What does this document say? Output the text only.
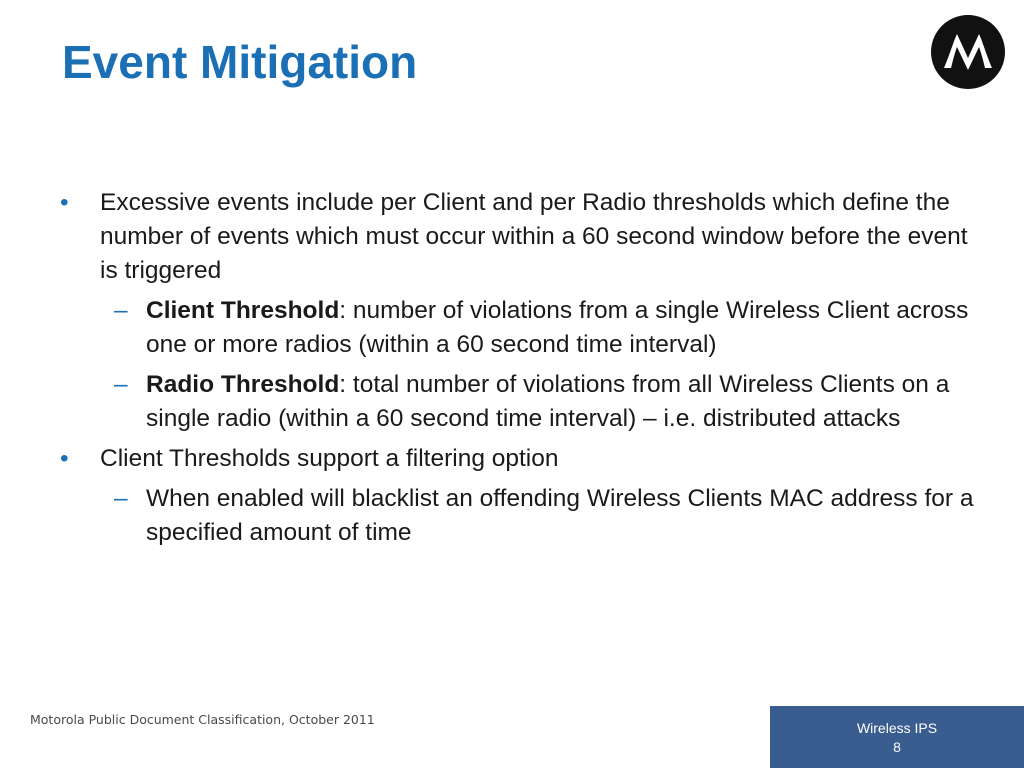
Event Mitigation
• Excessive events include per Client and per Radio thresholds which define the number of events which must occur within a 60 second window before the event is triggered
– Client Threshold: number of violations from a single Wireless Client across one or more radios (within a 60 second time interval)
– Radio Threshold: total number of violations from all Wireless Clients on a single radio (within a 60 second time interval) – i.e. distributed attacks
• Client Thresholds support a filtering option
– When enabled will blacklist an offending Wireless Clients MAC address for a specified amount of time
Motorola Public Document Classification, October 2011
Wireless IPS
8
